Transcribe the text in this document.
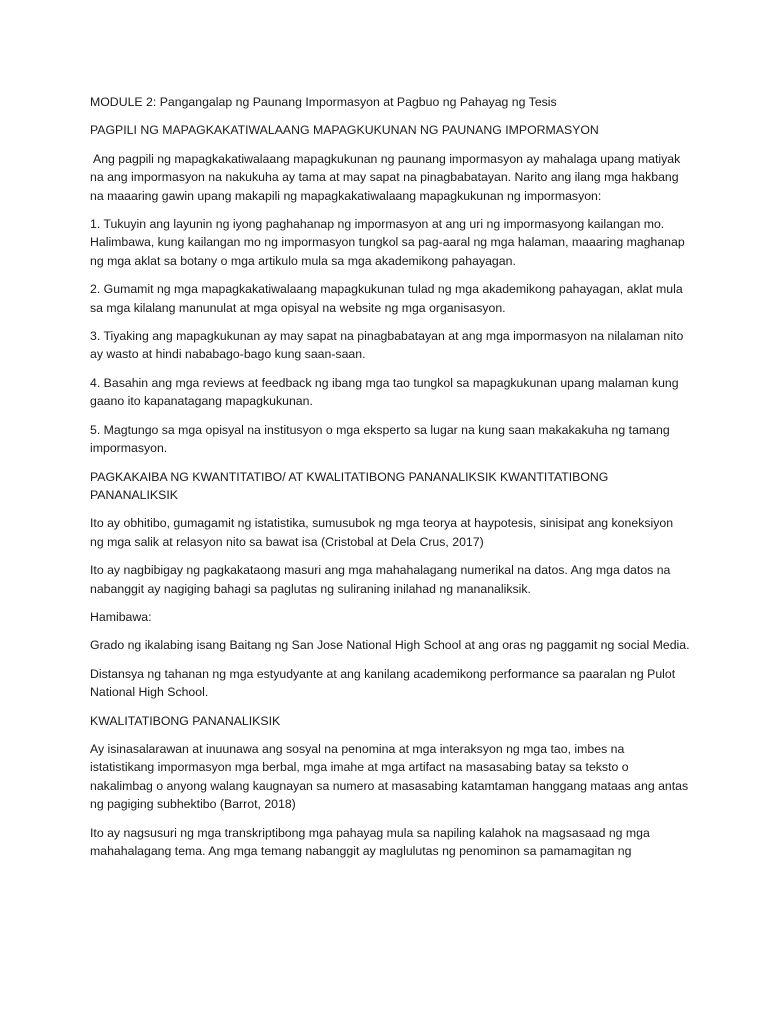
MODULE 2: Pangangalap ng Paunang Impormasyon at Pagbuo ng Pahayag ng Tesis

PAGPILI NG MAPAGKAKATIWALAANG MAPAGKUKUNAN NG PAUNANG IMPORMASYON

Ang pagpili ng mapagkakatiwalaang mapagkukunan ng paunang impormasyon ay mahalaga upang matiyak na ang impormasyon na nakukuha ay tama at may sapat na pinagbabatayan. Narito ang ilang mga hakbang na maaaring gawin upang makapili ng mapagkakatiwalaang mapagkukunan ng impormasyon:

1. Tukuyin ang layunin ng iyong paghahanap ng impormasyon at ang uri ng impormasyong kailangan mo. Halimbawa, kung kailangan mo ng impormasyon tungkol sa pag-aaral ng mga halaman, maaaring maghanap ng mga aklat sa botany o mga artikulo mula sa mga akademikong pahayagan.

2. Gumamit ng mga mapagkakatiwalaang mapagkukunan tulad ng mga akademikong pahayagan, aklat mula sa mga kilalang manunulat at mga opisyal na website ng mga organisasyon.

3. Tiyaking ang mapagkukunan ay may sapat na pinagbabatayan at ang mga impormasyon na nilalaman nito ay wasto at hindi nababago-bago kung saan-saan.

4. Basahin ang mga reviews at feedback ng ibang mga tao tungkol sa mapagkukunan upang malaman kung gaano ito kapanatagang mapagkukunan.

5. Magtungo sa mga opisyal na institusyon o mga eksperto sa lugar na kung saan makakakuha ng tamang impormasyon.

PAGKAKAIBA NG KWANTITATIBO/ AT KWALITATIBONG PANANALIKSIK KWANTITATIBONG PANANALIKSIK

Ito ay obhitibo, gumagamit ng istatistika, sumusubok ng mga teorya at haypotesis, sinisipat ang koneksiyon ng mga salik at relasyon nito sa bawat isa (Cristobal at Dela Crus, 2017)

Ito ay nagbibigay ng pagkakataong masuri ang mga mahahalagang numerikal na datos. Ang mga datos na nabanggit ay nagiging bahagi sa paglutas ng suliraning inilahad ng mananaliksik.

Hamibawa:

Grado ng ikalabing isang Baitang ng San Jose National High School at ang oras ng paggamit ng social Media.

Distansya ng tahanan ng mga estyudyante at ang kanilang academikong performance sa paaralan ng Pulot National High School.

KWALITATIBONG PANANALIKSIK

Ay isinasalarawan at inuunawa ang sosyal na penomina at mga interaksyon ng mga tao, imbes na istatistikang impormasyon mga berbal, mga imahe at mga artifact na masasabing batay sa teksto o nakalimbag o anyong walang kaugnayan sa numero at masasabing katamtaman hanggang mataas ang antas ng pagiging subhektibo (Barrot, 2018)

Ito ay nagsusuri ng mga transkriptibong mga pahayag mula sa napiling kalahok na magsasaad ng mga mahahalagang tema. Ang mga temang nabanggit ay maglulutas ng penominon sa pamamagitan ng
